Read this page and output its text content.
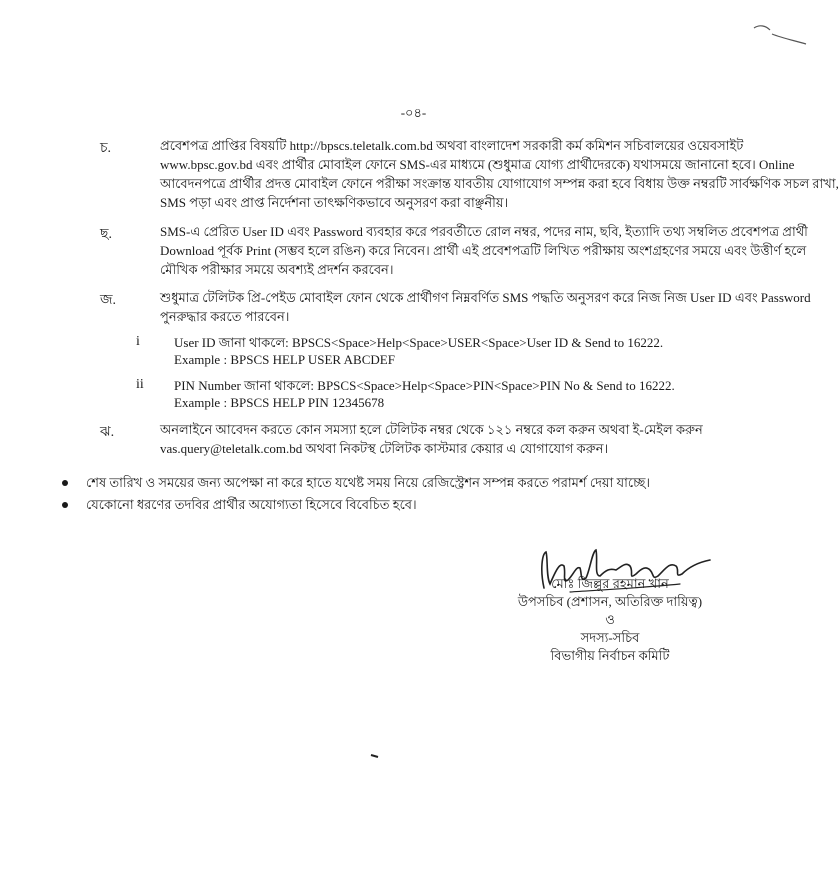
-০৪-
চ.	প্রবেশপত্র প্রাপ্তির বিষয়টি http://bpscs.teletalk.com.bd অথবা বাংলাদেশ সরকারী কর্ম কমিশন সচিবালয়ের ওয়েবসাইট
www.bpsc.gov.bd এবং প্রার্থীর মোবাইল ফোনে SMS-এর মাধ্যমে (শুধুমাত্র যোগ্য প্রার্থীদেরকে) যথাসময়ে জানানো হবে। Online
আবেদনপত্রে প্রার্থীর প্রদত্ত মোবাইল ফোনে পরীক্ষা সংক্রান্ত যাবতীয় যোগাযোগ সম্পন্ন করা হবে বিধায় উক্ত নম্বরটি সার্বক্ষণিক সচল রাখা,
SMS পড়া এবং প্রাপ্ত নির্দেশনা তাৎক্ষণিকভাবে অনুসরণ করা বাঞ্ছনীয়।
ছ.	SMS-এ প্রেরিত User ID এবং Password ব্যবহার করে পরবর্তীতে রোল নম্বর, পদের নাম, ছবি, ইত্যাদি তথ্য সম্বলিত প্রবেশপত্র প্রার্থী
Download পূর্বক Print (সম্ভব হলে রঙিন) করে নিবেন। প্রার্থী এই প্রবেশপত্রটি লিখিত পরীক্ষায় অংশগ্রহণের সময়ে এবং উত্তীর্ণ হলে
মৌখিক পরীক্ষার সময়ে অবশ্যই প্রদর্শন করবেন।
জ.	শুধুমাত্র টেলিটক প্রি-পেইড মোবাইল ফোন থেকে প্রার্থীগণ নিম্নবর্ণিত SMS পদ্ধতি অনুসরণ করে নিজ নিজ User ID এবং Password
পুনরুদ্ধার করতে পারবেন।
i	User ID জানা থাকলে: BPSCS<Space>Help<Space>USER<Space>User ID & Send to 16222.
Example : BPSCS HELP USER ABCDEF
ii PIN Number জানা থাকলে: BPSCS<Space>Help<Space>PIN<Space>PIN No & Send to 16222.
Example : BPSCS HELP PIN 12345678
ঝ.	অনলাইনে আবেদন করতে কোন সমস্যা হলে টেলিটক নম্বর থেকে ১২১ নম্বরে কল করুন অথবা ই-মেইল করুন
vas.query@teletalk.com.bd অথবা নিকটস্থ টেলিটক কাস্টমার কেয়ার এ যোগাযোগ করুন।
শেষ তারিখ ও সময়ের জন্য অপেক্ষা না করে হাতে যথেষ্ট সময় নিয়ে রেজিস্ট্রেশন সম্পন্ন করতে পরামর্শ দেয়া যাচ্ছে।
যেকোনো ধরণের তদবির প্রার্থীর অযোগ্যতা হিসেবে বিবেচিত হবে।
মোঃ জিল্লুর রহমান খান
উপসচিব (প্রশাসন, অতিরিক্ত দায়িত্ব)
ও
সদস্য-সচিব
বিভাগীয় নির্বাচন কমিটি
